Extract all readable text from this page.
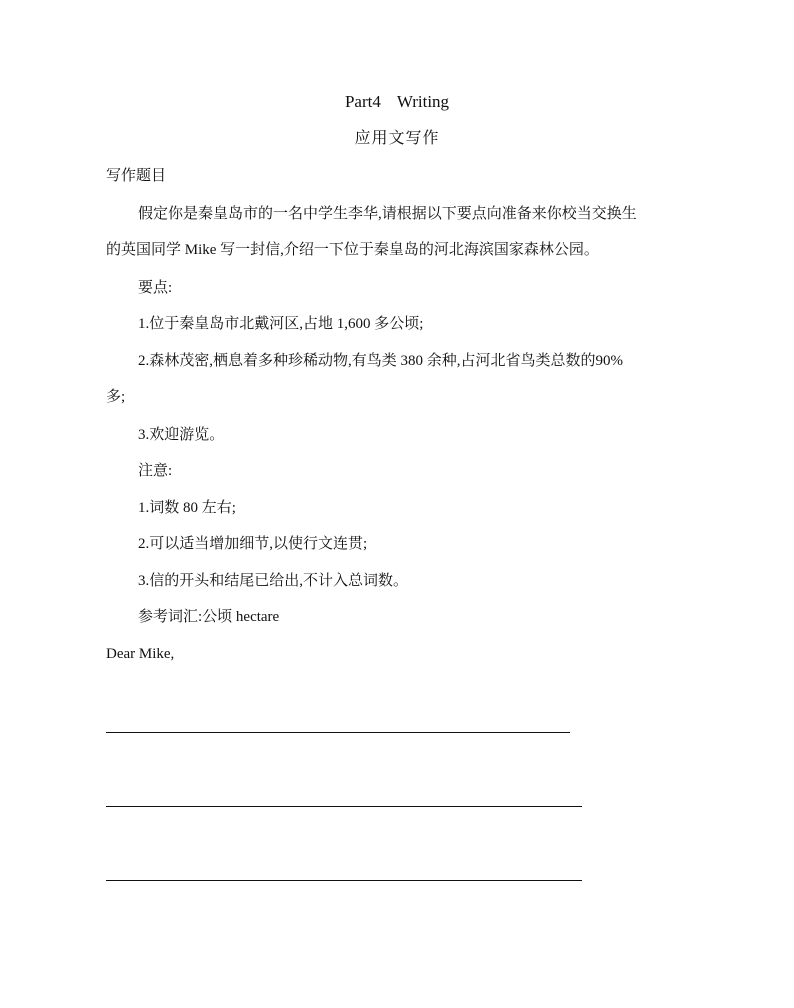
Part4 Writing
应用文写作
写作题目
假定你是秦皇岛市的一名中学生李华,请根据以下要点向准备来你校当交换生
的英国同学 Mike 写一封信,介绍一下位于秦皇岛的河北海滨国家森林公园。
要点:
1.位于秦皇岛市北戴河区,占地 1,600 多公顷;
2.森林茂密,栖息着多种珍稀动物,有鸟类 380 余种,占河北省鸟类总数的90%
多;
3.欢迎游览。
注意:
1.词数 80 左右;
2.可以适当增加细节,以使行文连贯;
3.信的开头和结尾已给出,不计入总词数。
参考词汇:公顷 hectare
Dear Mike,
